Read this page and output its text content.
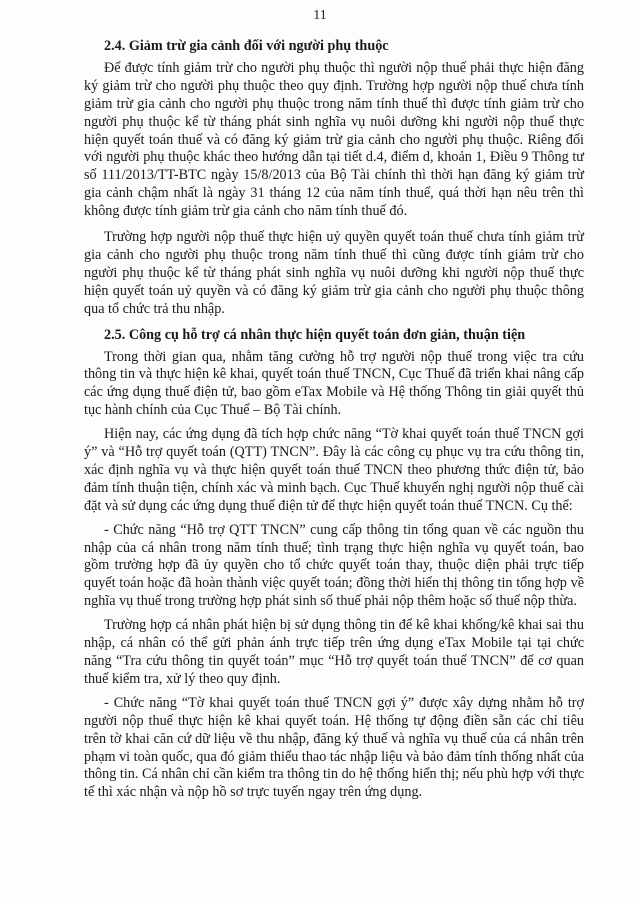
11

2.4. Giảm trừ gia cảnh đối với người phụ thuộc

Để được tính giảm trừ cho người phụ thuộc thì người nộp thuế phải thực hiện đăng ký giảm trừ cho người phụ thuộc theo quy định. Trường hợp người nộp thuế chưa tính giảm trừ gia cảnh cho người phụ thuộc trong năm tính thuế thì được tính giảm trừ cho người phụ thuộc kể từ tháng phát sinh nghĩa vụ nuôi dưỡng khi người nộp thuế thực hiện quyết toán thuế và có đăng ký giảm trừ gia cảnh cho người phụ thuộc. Riêng đối với người phụ thuộc khác theo hướng dẫn tại tiết d.4, điểm d, khoản 1, Điều 9 Thông tư số 111/2013/TT-BTC ngày 15/8/2013 của Bộ Tài chính thì thời hạn đăng ký giảm trừ gia cảnh chậm nhất là ngày 31 tháng 12 của năm tính thuế, quá thời hạn nêu trên thì không được tính giảm trừ gia cảnh cho năm tính thuế đó.

Trường hợp người nộp thuế thực hiện uỷ quyền quyết toán thuế chưa tính giảm trừ gia cảnh cho người phụ thuộc trong năm tính thuế thì cũng được tính giảm trừ cho người phụ thuộc kể từ tháng phát sinh nghĩa vụ nuôi dưỡng khi người nộp thuế thực hiện quyết toán uỷ quyền và có đăng ký giảm trừ gia cảnh cho người phụ thuộc thông qua tổ chức trả thu nhập.

2.5. Công cụ hỗ trợ cá nhân thực hiện quyết toán đơn giản, thuận tiện

Trong thời gian qua, nhằm tăng cường hỗ trợ người nộp thuế trong việc tra cứu thông tin và thực hiện kê khai, quyết toán thuế TNCN, Cục Thuế đã triển khai nâng cấp các ứng dụng thuế điện tử, bao gồm eTax Mobile và Hệ thống Thông tin giải quyết thủ tục hành chính của Cục Thuế – Bộ Tài chính.

Hiện nay, các ứng dụng đã tích hợp chức năng “Tờ khai quyết toán thuế TNCN gợi ý” và “Hỗ trợ quyết toán (QTT) TNCN”. Đây là các công cụ phục vụ tra cứu thông tin, xác định nghĩa vụ và thực hiện quyết toán thuế TNCN theo phương thức điện tử, bảo đảm tính thuận tiện, chính xác và minh bạch. Cục Thuế khuyến nghị người nộp thuế cài đặt và sử dụng các ứng dụng thuế điện tử để thực hiện quyết toán thuế TNCN. Cụ thể:

- Chức năng “Hỗ trợ QTT TNCN” cung cấp thông tin tổng quan về các nguồn thu nhập của cá nhân trong năm tính thuế; tình trạng thực hiện nghĩa vụ quyết toán, bao gồm trường hợp đã ủy quyền cho tổ chức quyết toán thay, thuộc diện phải trực tiếp quyết toán hoặc đã hoàn thành việc quyết toán; đồng thời hiển thị thông tin tổng hợp về nghĩa vụ thuế trong trường hợp phát sinh số thuế phải nộp thêm hoặc số thuế nộp thừa.

Trường hợp cá nhân phát hiện bị sử dụng thông tin để kê khai khống/kê khai sai thu nhập, cá nhân có thể gửi phản ánh trực tiếp trên ứng dụng eTax Mobile tại tại chức năng “Tra cứu thông tin quyết toán” mục “Hỗ trợ quyết toán thuế TNCN” để cơ quan thuế kiểm tra, xử lý theo quy định.

- Chức năng “Tờ khai quyết toán thuế TNCN gợi ý” được xây dựng nhằm hỗ trợ người nộp thuế thực hiện kê khai quyết toán. Hệ thống tự động điền sẵn các chỉ tiêu trên tờ khai căn cứ dữ liệu về thu nhập, đăng ký thuế và nghĩa vụ thuế của cá nhân trên phạm vi toàn quốc, qua đó giảm thiểu thao tác nhập liệu và bảo đảm tính thống nhất của thông tin. Cá nhân chỉ cần kiểm tra thông tin do hệ thống hiển thị; nếu phù hợp với thực tế thì xác nhận và nộp hồ sơ trực tuyến ngay trên ứng dụng.
